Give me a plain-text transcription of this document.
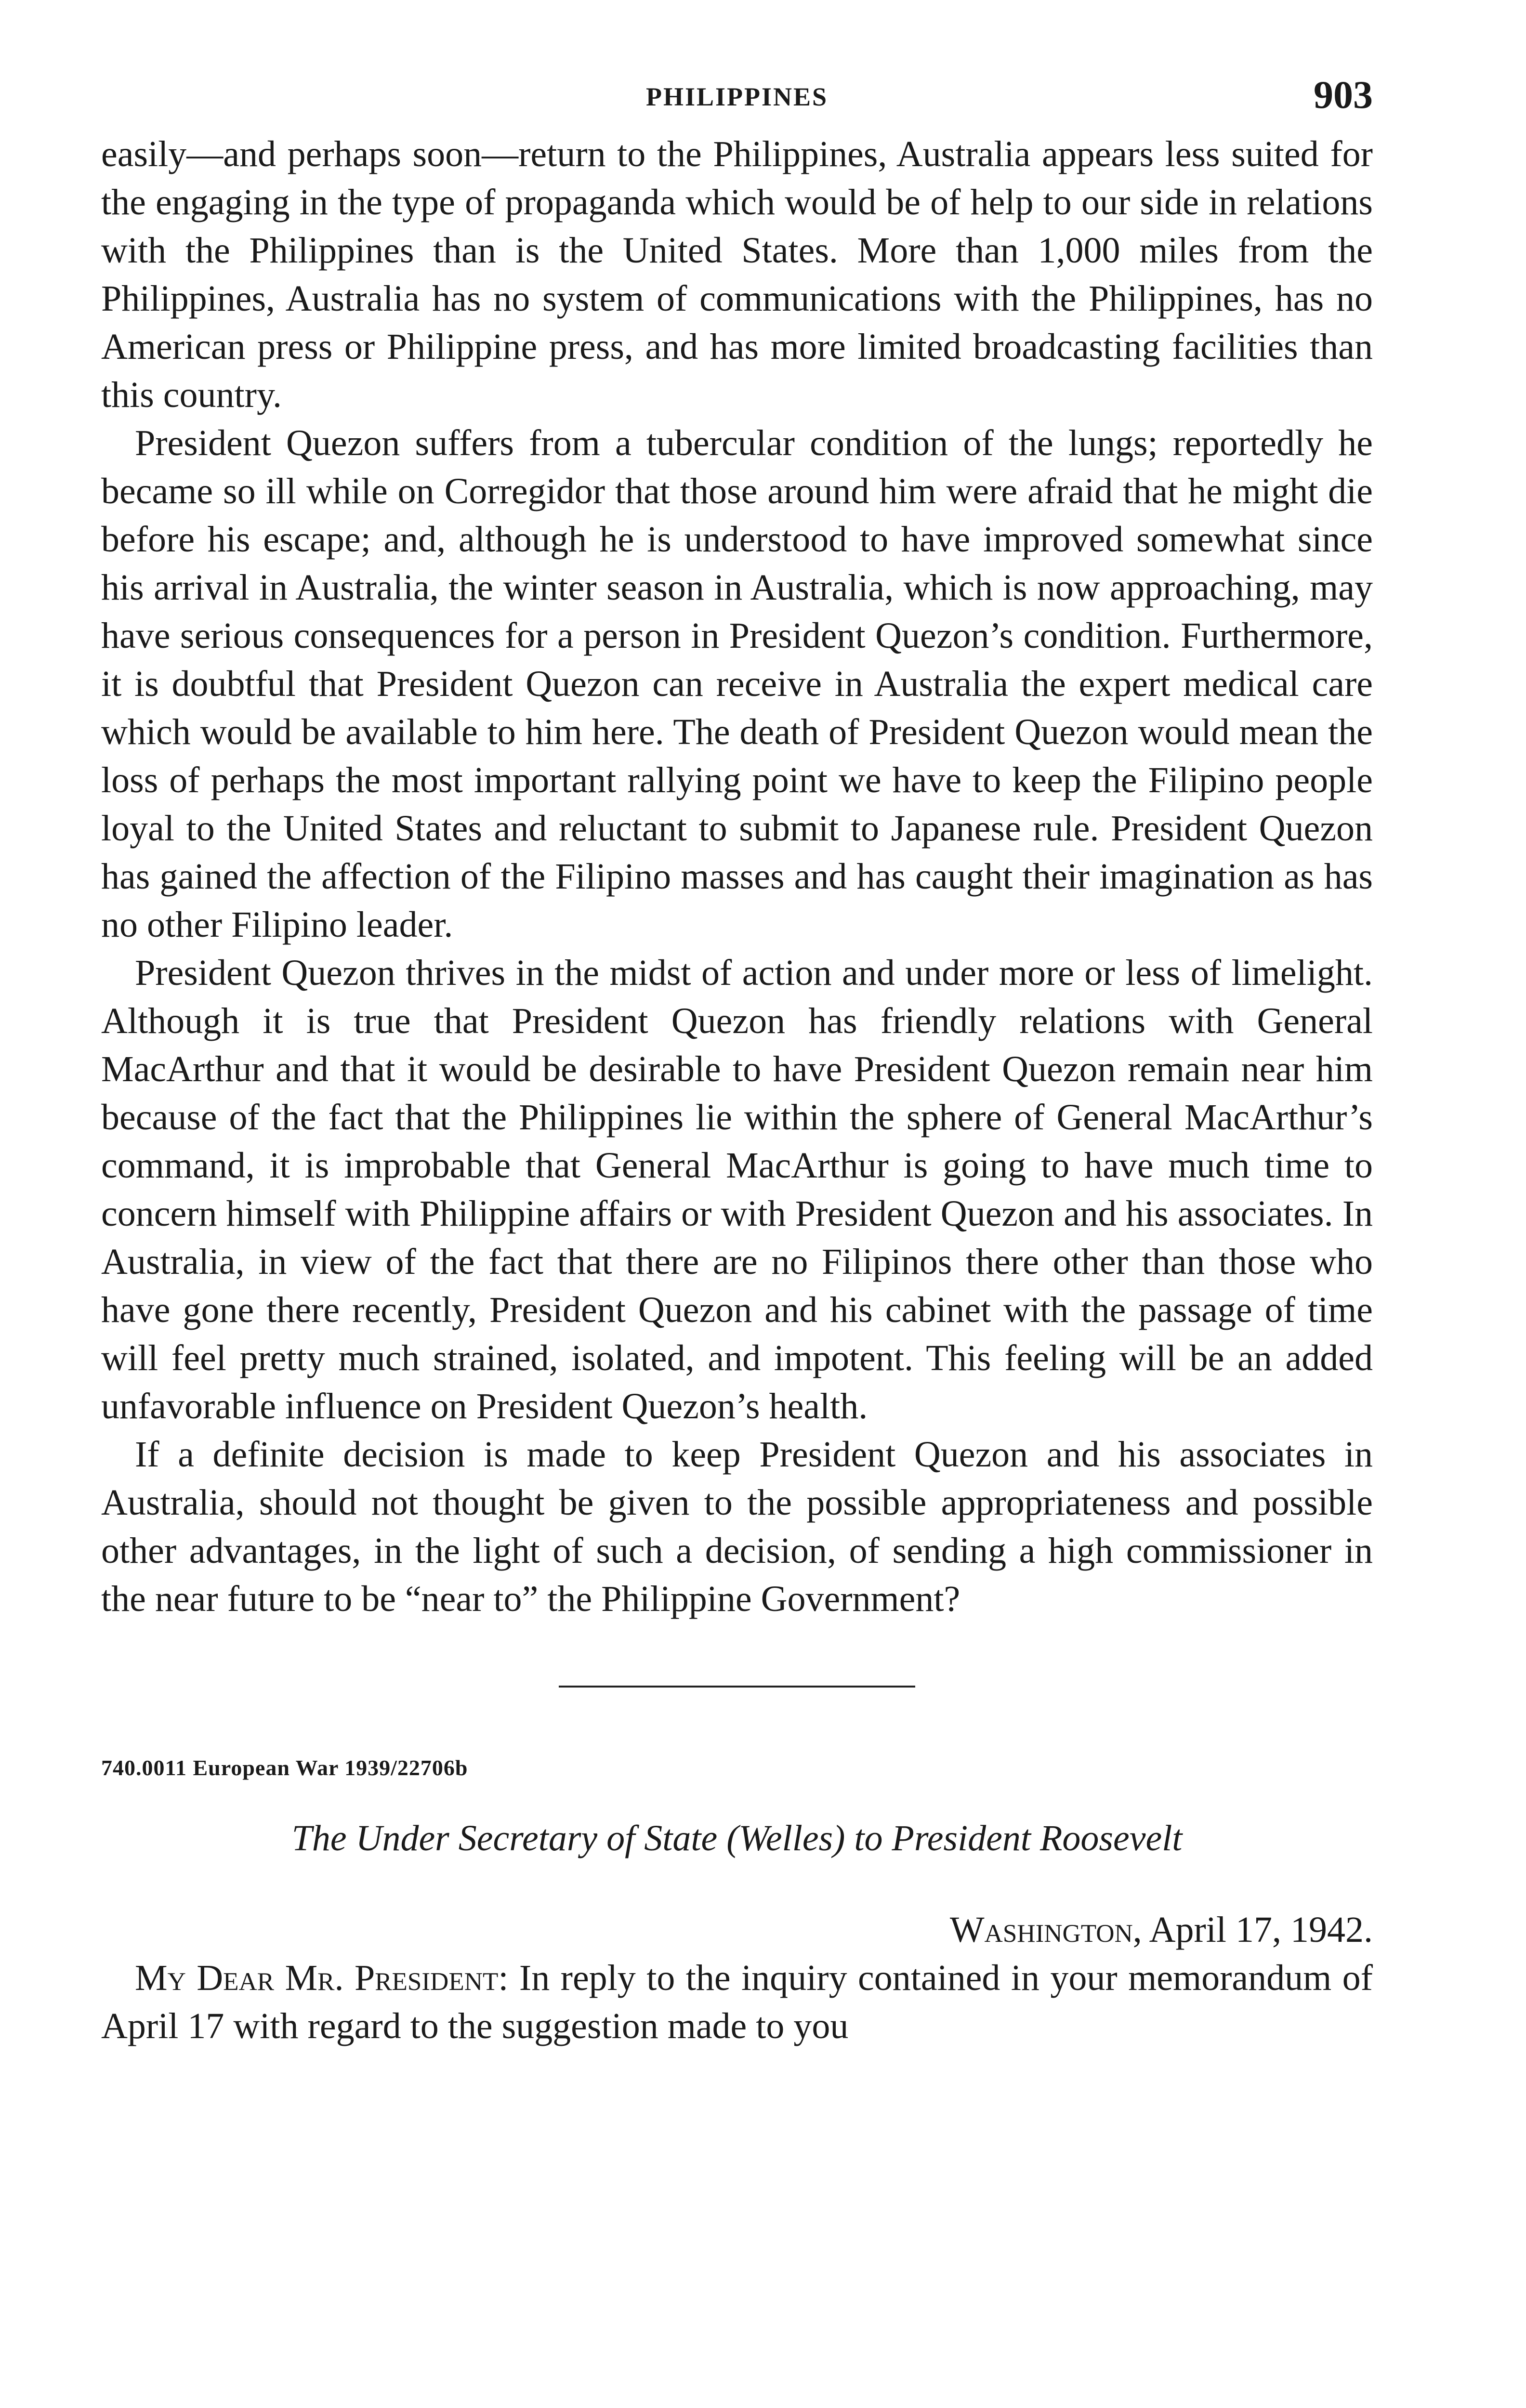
PHILIPPINES	903

easily—and perhaps soon—return to the Philippines, Australia appears less suited for the engaging in the type of propaganda which would be of help to our side in relations with the Philippines than is the United States. More than 1,000 miles from the Philippines, Australia has no system of communications with the Philippines, has no American press or Philippine press, and has more limited broadcasting facilities than this country.

President Quezon suffers from a tubercular condition of the lungs; reportedly he became so ill while on Corregidor that those around him were afraid that he might die before his escape; and, although he is understood to have improved somewhat since his arrival in Australia, the winter season in Australia, which is now approaching, may have serious consequences for a person in President Quezon’s condition. Furthermore, it is doubtful that President Quezon can receive in Australia the expert medical care which would be available to him here. The death of President Quezon would mean the loss of perhaps the most important rallying point we have to keep the Filipino people loyal to the United States and reluctant to submit to Japanese rule. President Quezon has gained the affection of the Filipino masses and has caught their imagination as has no other Filipino leader.

President Quezon thrives in the midst of action and under more or less of limelight. Although it is true that President Quezon has friendly relations with General MacArthur and that it would be desirable to have President Quezon remain near him because of the fact that the Philippines lie within the sphere of General MacArthur’s command, it is improbable that General MacArthur is going to have much time to concern himself with Philippine affairs or with President Quezon and his associates. In Australia, in view of the fact that there are no Filipinos there other than those who have gone there recently, President Quezon and his cabinet with the passage of time will feel pretty much strained, isolated, and impotent. This feeling will be an added unfavorable influence on President Quezon’s health.

If a definite decision is made to keep President Quezon and his associates in Australia, should not thought be given to the possible appropriateness and possible other advantages, in the light of such a decision, of sending a high commissioner in the near future to be “near to” the Philippine Government?

740.0011 European War 1939/22706b
The Under Secretary of State (Welles) to President Roosevelt
Washington, April 17, 1942.

My Dear Mr. President: In reply to the inquiry contained in your memorandum of April 17 with regard to the suggestion made to you
